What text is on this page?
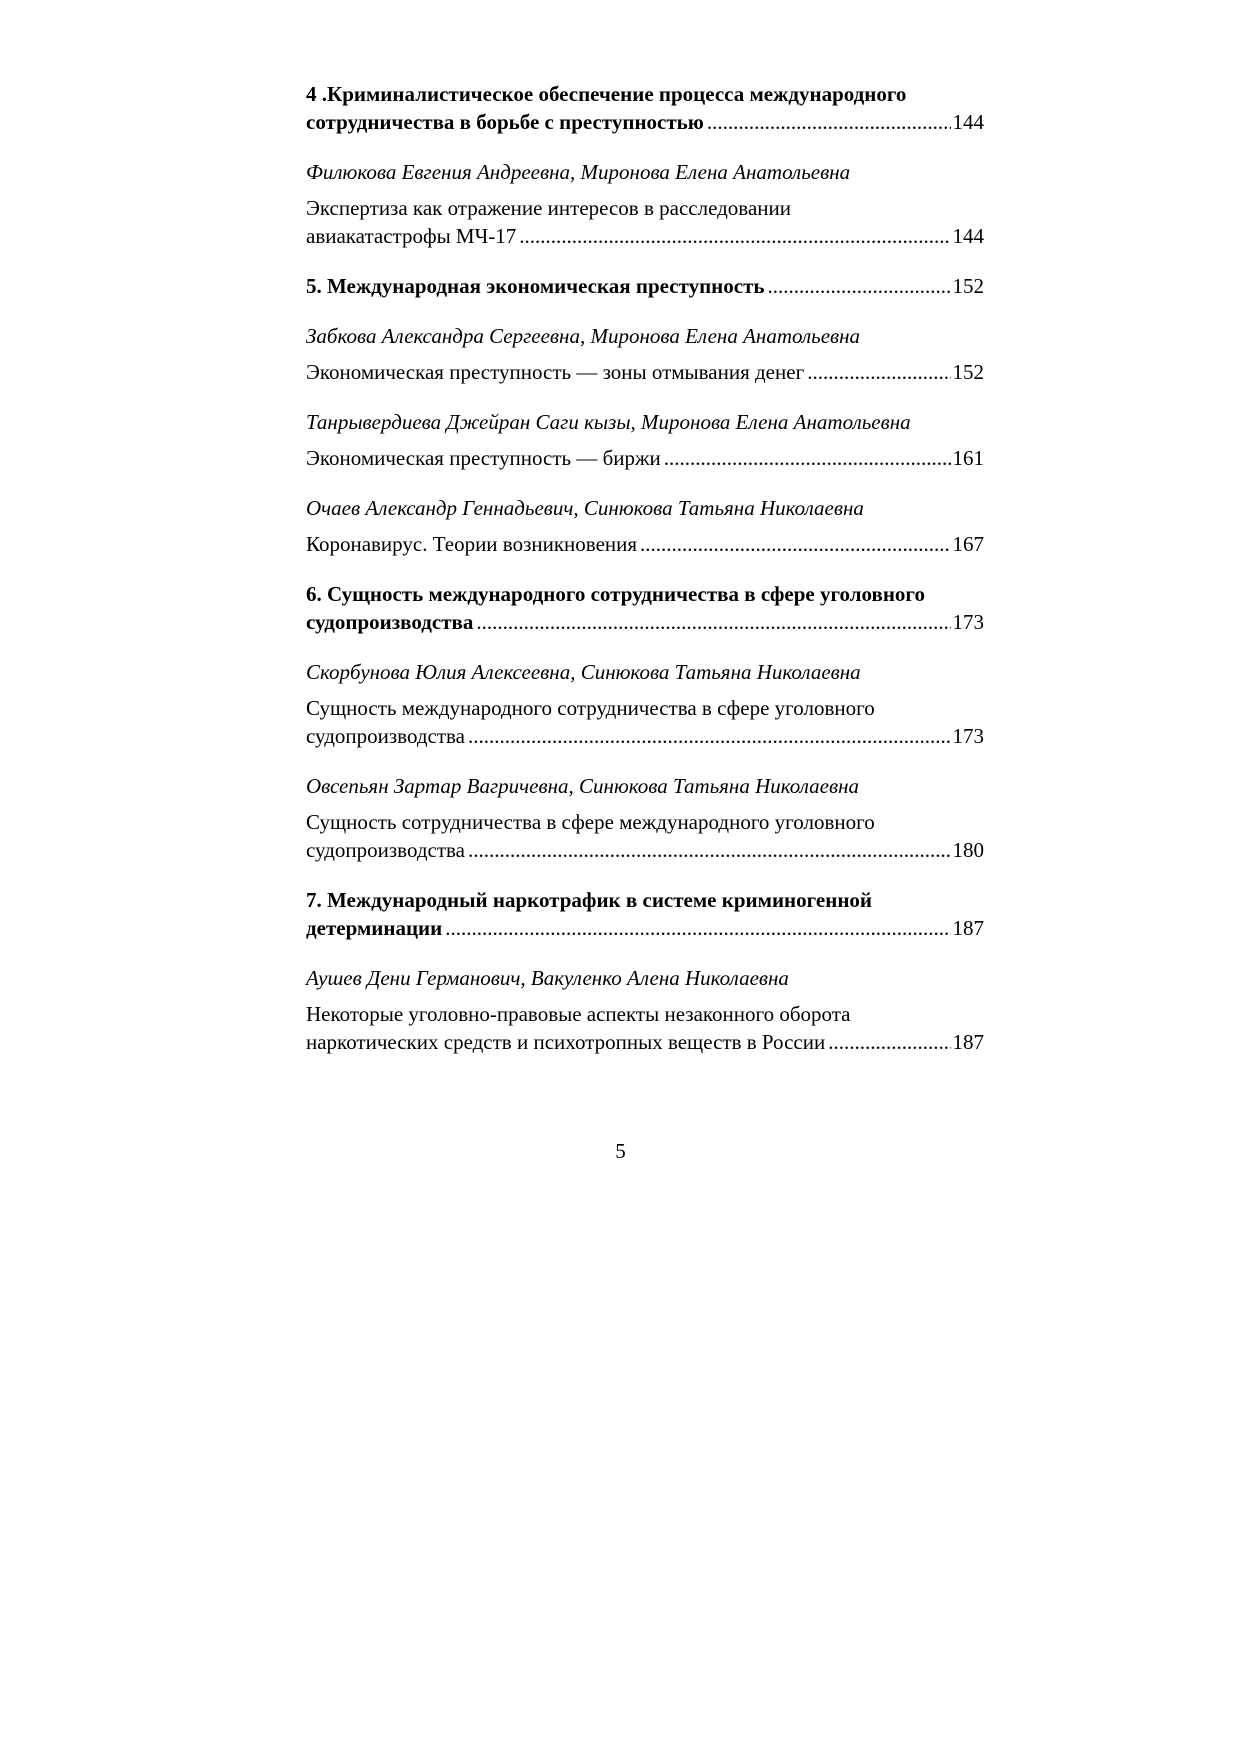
4 .Криминалистическое обеспечение процесса международного
сотрудничества в борьбе с преступностью .....	144
Филюкова Евгения Андреевна, Миронова Елена Анатольевна
Экспертиза как отражение интересов в расследовании
авиакатастрофы МЧ-17 .....	144
5. Международная экономическая преступность .....	152
Забкова Александра Сергеевна, Миронова Елена Анатольевна
Экономическая преступность — зоны отмывания денег .....	152
Танрывердиева Джейран Саги кызы, Миронова Елена Анатольевна
Экономическая преступность — биржи .....	161
Очаев Александр Геннадьевич, Синюкова Татьяна Николаевна
Коронавирус. Теории возникновения .....	167
6. Сущность международного сотрудничества в сфере уголовного
судопроизводства .....	173
Скорбунова Юлия Алексеевна, Синюкова Татьяна Николаевна
Сущность международного сотрудничества в сфере уголовного
судопроизводства .....	173
Овсепьян Зартар Вагричевна, Синюкова Татьяна Николаевна
Сущность сотрудничества в сфере международного уголовного
судопроизводства .....	180
7. Международный наркотрафик в системе криминогенной
детерминации .....	187
Аушев Дени Германович, Вакуленко Алена Николаевна
Некоторые уголовно-правовые аспекты незаконного оборота
наркотических средств и психотропных веществ в России .....	187
5
